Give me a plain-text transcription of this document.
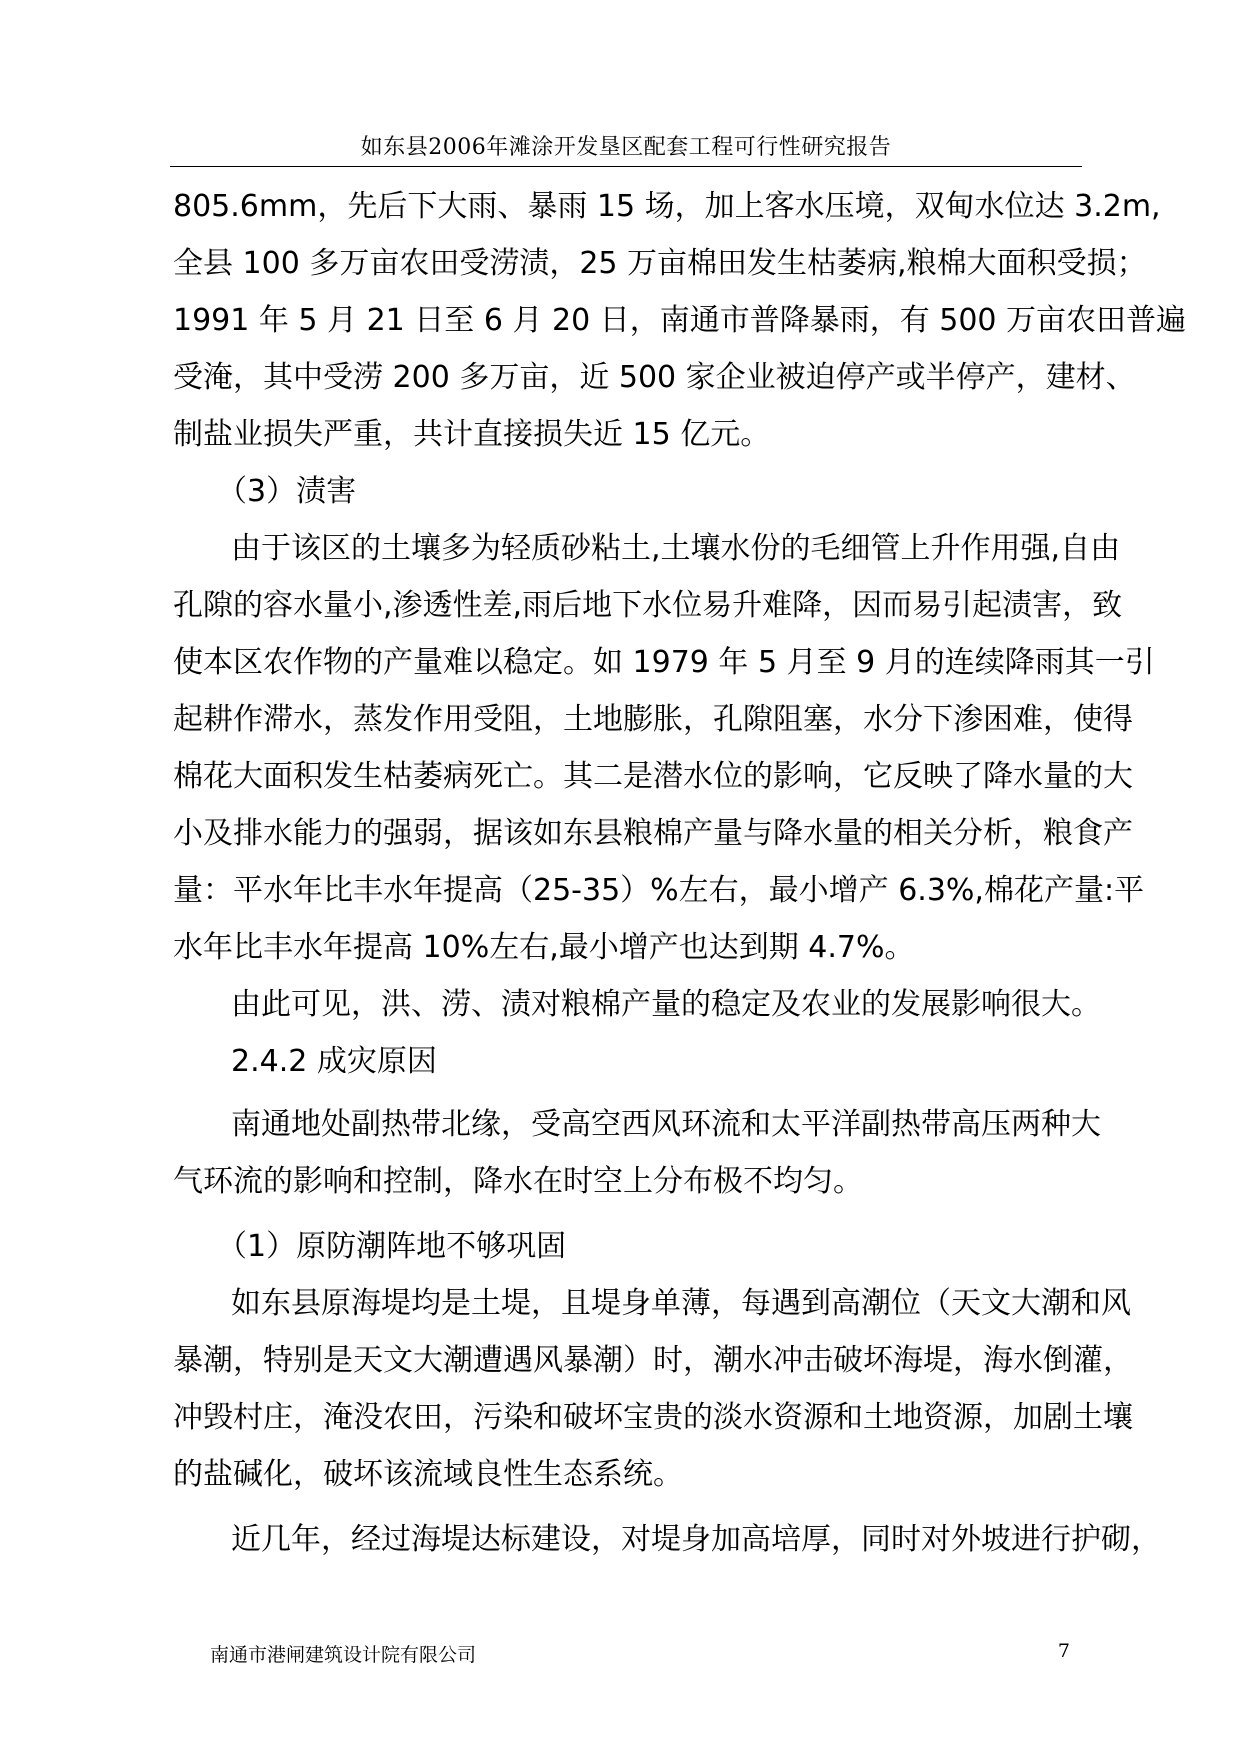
如东县2006年滩涂开发垦区配套工程可行性研究报告
805.6mm，先后下大雨、暴雨 15 场，加上客水压境，双甸水位达 3.2m,
全县 100 多万亩农田受涝渍，25 万亩棉田发生枯萎病,粮棉大面积受损；
1991 年 5 月 21 日至 6 月 20 日，南通市普降暴雨，有 500 万亩农田普遍
受淹，其中受涝 200 多万亩，近 500 家企业被迫停产或半停产，建材、
制盐业损失严重，共计直接损失近 15 亿元。
（3）渍害
由于该区的土壤多为轻质砂粘土,土壤水份的毛细管上升作用强,自由
孔隙的容水量小,渗透性差,雨后地下水位易升难降，因而易引起渍害，致
使本区农作物的产量难以稳定。如 1979 年 5 月至 9 月的连续降雨其一引
起耕作滞水，蒸发作用受阻，土地膨胀，孔隙阻塞，水分下渗困难，使得
棉花大面积发生枯萎病死亡。其二是潜水位的影响，它反映了降水量的大
小及排水能力的强弱，据该如东县粮棉产量与降水量的相关分析，粮食产
量：平水年比丰水年提高（25-35）%左右，最小增产 6.3%,棉花产量:平
水年比丰水年提高 10%左右,最小增产也达到期 4.7%。
由此可见，洪、涝、渍对粮棉产量的稳定及农业的发展影响很大。
2.4.2 成灾原因
南通地处副热带北缘，受高空西风环流和太平洋副热带高压两种大
气环流的影响和控制，降水在时空上分布极不均匀。
（1）原防潮阵地不够巩固
如东县原海堤均是土堤，且堤身单薄，每遇到高潮位（天文大潮和风
暴潮，特别是天文大潮遭遇风暴潮）时，潮水冲击破坏海堤，海水倒灌，
冲毁村庄，淹没农田，污染和破坏宝贵的淡水资源和土地资源，加剧土壤
的盐碱化，破坏该流域良性生态系统。
近几年，经过海堤达标建设，对堤身加高培厚，同时对外坡进行护砌，
南通市港闸建筑设计院有限公司	7
